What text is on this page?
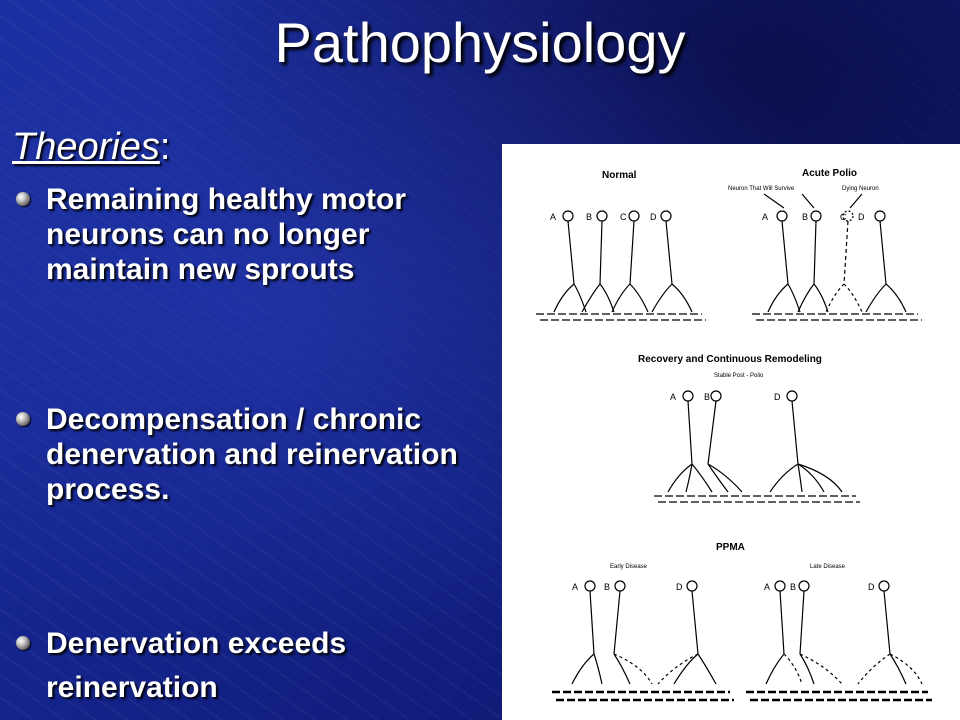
Pathophysiology
Theories:
Remaining healthy motor neurons can no longer maintain new sprouts
Decompensation / chronic denervation and reinervation process.
Denervation exceeds reinervation
Normal	Acute Polio
Neuron That Will Survive	Dying Neuron
Recovery and Continuous Remodeling
Stable Post - Polio
PPMA
Early Disease	Late Disease
A	B	C	D	A	B	C D
A	B	D
A	B	D	A B	D
